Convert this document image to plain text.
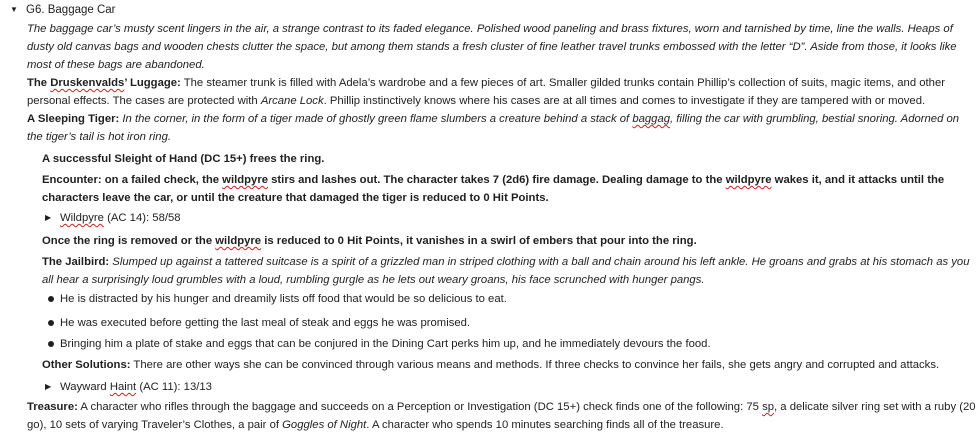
▼ G6. Baggage Car
The baggage car’s musty scent lingers in the air, a strange contrast to its faded elegance. Polished wood paneling and brass fixtures, worn and tarnished by time, line the walls. Heaps of dusty old canvas bags and wooden chests clutter the space, but among them stands a fresh cluster of fine leather travel trunks embossed with the letter “D”. Aside from those, it looks like most of these bags are abandoned.
The Druskenvalds’ Luggage: The steamer trunk is filled with Adela’s wardrobe and a few pieces of art. Smaller gilded trunks contain Phillip’s collection of suits, magic items, and other personal effects. The cases are protected with Arcane Lock. Phillip instinctively knows where his cases are at all times and comes to investigate if they are tampered with or moved.
A Sleeping Tiger: In the corner, in the form of a tiger made of ghostly green flame slumbers a creature behind a stack of baggag, filling the car with grumbling, bestial snoring. Adorned on the tiger’s tail is hot iron ring.
A successful Sleight of Hand (DC 15+) frees the ring.
Encounter: on a failed check, the wildpyre stirs and lashes out. The character takes 7 (2d6) fire damage. Dealing damage to the wildpyre wakes it, and it attacks until the characters leave the car, or until the creature that damaged the tiger is reduced to 0 Hit Points.
▶ Wildpyre (AC 14): 58/58
Once the ring is removed or the wildpyre is reduced to 0 Hit Points, it vanishes in a swirl of embers that pour into the ring.
The Jailbird: Slumped up against a tattered suitcase is a spirit of a grizzled man in striped clothing with a ball and chain around his left ankle. He groans and grabs at his stomach as you all hear a surprisingly loud grumbles with a loud, rumbling gurgle as he lets out weary groans, his face scrunched with hunger pangs.
He is distracted by his hunger and dreamily lists off food that would be so delicious to eat.
He was executed before getting the last meal of steak and eggs he was promised.
Bringing him a plate of stake and eggs that can be conjured in the Dining Cart perks him up, and he immediately devours the food.
Other Solutions: There are other ways she can be convinced through various means and methods. If three checks to convince her fails, she gets angry and corrupted and attacks.
▶ Wayward Haint (AC 11): 13/13
Treasure: A character who rifles through the baggage and succeeds on a Perception or Investigation (DC 15+) check finds one of the following: 75 sp, a delicate silver ring set with a ruby (20 go), 10 sets of varying Traveler’s Clothes, a pair of Goggles of Night. A character who spends 10 minutes searching finds all of the treasure.
